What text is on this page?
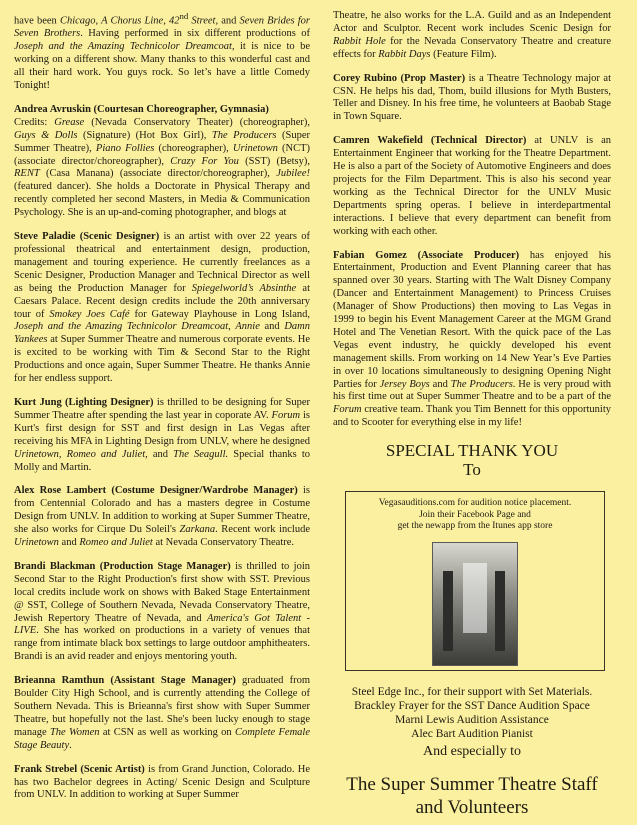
have been Chicago, A Chorus Line, 42nd Street, and Seven Brides for Seven Brothers. Having performed in six different productions of Joseph and the Amazing Technicolor Dreamcoat, it is nice to be working on a different show. Many thanks to this wonderful cast and all their hard work. You guys rock. So let’s have a little Comedy Tonight!

Andrea Avruskin (Courtesan Choreographer, Gymnasia)
Credits: Grease (Nevada Conservatory Theater) (choreographer), Guys & Dolls (Signature) (Hot Box Girl), The Producers (Super Summer Theatre), Piano Follies (choreographer), Urinetown (NCT) (associate director/choreographer), Crazy For You (SST) (Betsy), RENT (Casa Manana) (associate director/choreographer), Jubilee! (featured dancer). She holds a Doctorate in Physical Therapy and recently completed her second Masters, in Media & Communication Psychology. She is an up-and-coming photographer, and blogs at

Steve Paladie (Scenic Designer) is an artist with over 22 years of professional theatrical and entertainment design, production, management and touring experience. He currently freelances as a Scenic Designer, Production Manager and Technical Director as well as being the Production Manager for Spiegelworld’s Absinthe at Caesars Palace. Recent design credits include the 20th anniversary tour of Smokey Joes Café for Gateway Playhouse in Long Island, Joseph and the Amazing Technicolor Dreamcoat, Annie and Damn Yankees at Super Summer Theatre and numerous corporate events. He is excited to be working with Tim & Second Star to the Right Productions and once again, Super Summer Theatre. He thanks Annie for her endless support.

Kurt Jung (Lighting Designer) is thrilled to be designing for Super Summer Theatre after spending the last year in coporate AV. Forum is Kurt's first design for SST and first design in Las Vegas after receiving his MFA in Lighting Design from UNLV, where he designed Urinetown, Romeo and Juliet, and The Seagull. Special thanks to Molly and Martin.

Alex Rose Lambert (Costume Designer/Wardrobe Manager) is from Centennial Colorado and has a masters degree in Costume Design from UNLV. In addition to working at Super Summer Theatre, she also works for Cirque Du Soleil's Zarkana. Recent work include Urinetown and Romeo and Juliet at Nevada Conservatory Theatre.

Brandi Blackman (Production Stage Manager) is thrilled to join Second Star to the Right Production's first show with SST. Previous local credits include work on shows with Baked Stage Entertainment @ SST, College of Southern Nevada, Nevada Conservatory Theatre, Jewish Repertory Theatre of Nevada, and America's Got Talent - LIVE. She has worked on productions in a variety of venues that range from intimate black box settings to large outdoor amphitheaters. Brandi is an avid reader and enjoys mentoring youth.

Brieanna Ramthun (Assistant Stage Manager) graduated from Boulder City High School, and is currently attending the College of Southern Nevada. This is Brieanna's first show with Super Summer Theatre, but hopefully not the last. She's been lucky enough to stage manage The Women at CSN as well as working on Complete Female Stage Beauty.

Frank Strebel (Scenic Artist) is from Grand Junction, Colorado. He has two Bachelor degrees in Acting/ Scenic Design and Sculpture from UNLV. In addition to working at Super Summer

Theatre, he also works for the L.A. Guild and as an Independent Actor and Sculptor. Recent work includes Scenic Design for Rabbit Hole for the Nevada Conservatory Theatre and creature effects for Rabbit Days (Feature Film).

Corey Rubino (Prop Master) is a Theatre Technology major at CSN. He helps his dad, Thom, build illusions for Myth Busters, Teller and Disney. In his free time, he volunteers at Baobab Stage in Town Square.

Camren Wakefield (Technical Director) at UNLV is an Entertainment Engineer that working for the Theatre Department. He is also a part of the Society of Automotive Engineers and does projects for the Film Department. This is also his second year working as the Technical Director for the UNLV Music Departments spring operas. I believe in interdepartmental interactions. I believe that every department can benefit from working with each other.

Fabian Gomez (Associate Producer) has enjoyed his Entertainment, Production and Event Planning career that has spanned over 30 years. Starting with The Walt Disney Company (Dancer and Entertainment Management) to Princess Cruises (Manager of Show Productions) then moving to Las Vegas in 1999 to begin his Event Management Career at the MGM Grand Hotel and The Venetian Resort. With the quick pace of the Las Vegas event industry, he quickly developed his event management skills. From working on 14 New Year’s Eve Parties in over 10 locations simultaneously to designing Opening Night Parties for Jersey Boys and The Producers. He is very proud with his first time out at Super Summer Theatre and to be a part of the Forum creative team. Thank you Tim Bennett for this opportunity and to Scooter for everything else in my life!

SPECIAL THANK YOU
To
Vegasauditions.com for audition notice placement.
Join their Facebook Page and
get the newapp from the Itunes app store
Steel Edge Inc., for their support with Set Materials.
Brackley Frayer for the SST Dance Audition Space
Marni Lewis Audition Assistance
Alec Bart Audition Pianist
And especially to
The Super Summer Theatre Staff
and Volunteers
